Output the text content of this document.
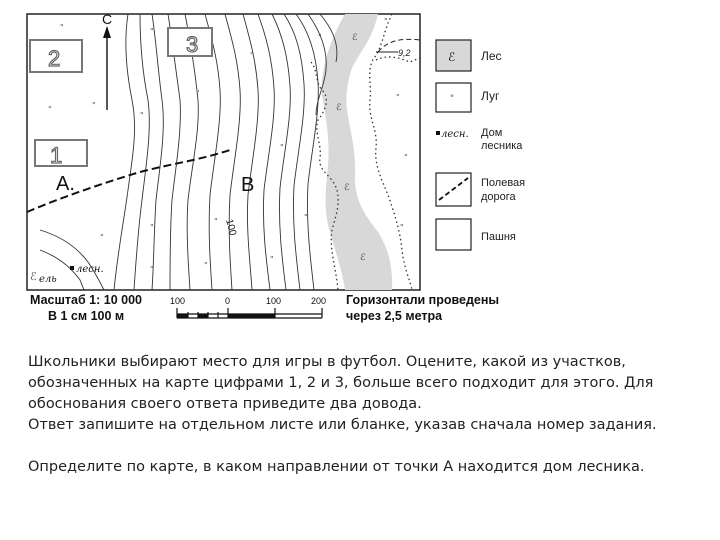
100
9,2
С
2
1
3
А.	В
лесн.
ℰ ель
"	"
"
"
"
"
"
"
"
"
"
"
"
"
"
"
"
"
"
"
ℰ
ℰ
ℰ
ℰ
ℰ Лес
" Луг
лесн. Дом
лесника
Полевая
дорога
Пашня
Масштаб 1: 10 000
В 1 см 100 м
100	0	100	200 Горизонтали проведены
через 2,5 метра

Школьники выбирают место для игры в футбол. Оцените, какой из участков,

обозначенных на карте цифрами 1, 2 и 3, больше всего подходит для этого. Для

обоснования своего ответа приведите два довода.

Ответ запишите на отдельном листе или бланке, указав сначала номер задания.

Определите по карте, в каком направлении от точки А находится дом лесника.
